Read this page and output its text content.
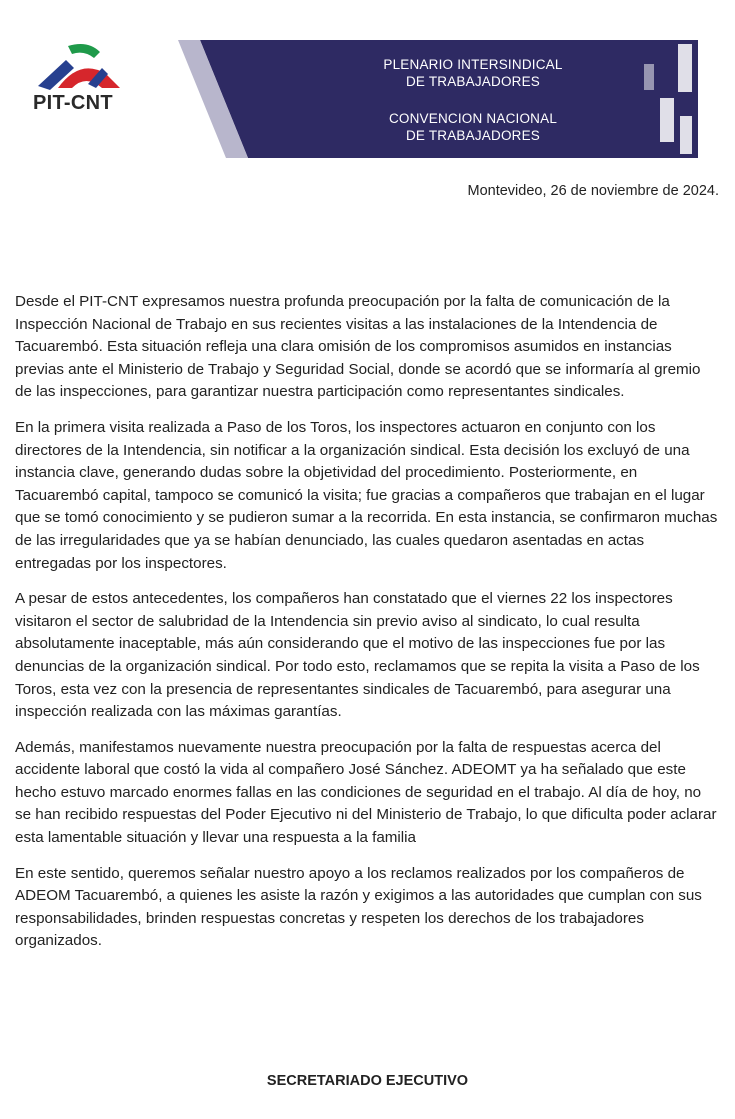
PIT-CNT
PLENARIO INTERSINDICAL
DE TRABAJADORES
CONVENCION NACIONAL
DE TRABAJADORES
Montevideo, 26 de noviembre de 2024.

Desde el PIT-CNT expresamos nuestra profunda preocupación por la falta de comunicación de la Inspección Nacional de Trabajo en sus recientes visitas a las instalaciones de la Intendencia de Tacuarembó. Esta situación refleja una clara omisión de los compromisos asumidos en instancias previas ante el Ministerio de Trabajo y Seguridad Social, donde se acordó que se informaría al gremio de las inspecciones, para garantizar nuestra participación como representantes sindicales.

En la primera visita realizada a Paso de los Toros, los inspectores actuaron en conjunto con los directores de la Intendencia, sin notificar a la organización sindical. Esta decisión los excluyó de una instancia clave, generando dudas sobre la objetividad del procedimiento. Posteriormente, en Tacuarembó capital, tampoco se comunicó la visita; fue gracias a compañeros que trabajan en el lugar que se tomó conocimiento y se pudieron sumar a la recorrida. En esta instancia, se confirmaron muchas de las irregularidades que ya se habían denunciado, las cuales quedaron asentadas en actas entregadas por los inspectores.

A pesar de estos antecedentes, los compañeros han constatado que el viernes 22 los inspectores visitaron el sector de salubridad de la Intendencia sin previo aviso al sindicato, lo cual resulta absolutamente inaceptable, más aún considerando que el motivo de las inspecciones fue por las denuncias de la organización sindical. Por todo esto, reclamamos que se repita la visita a Paso de los Toros, esta vez con la presencia de representantes sindicales de Tacuarembó, para asegurar una inspección realizada con las máximas garantías.

Además, manifestamos nuevamente nuestra preocupación por la falta de respuestas acerca del accidente laboral que costó la vida al compañero José Sánchez. ADEOMT ya ha señalado que este hecho estuvo marcado enormes fallas en las condiciones de seguridad en el trabajo. Al día de hoy, no se han recibido respuestas del Poder Ejecutivo ni del Ministerio de Trabajo, lo que dificulta poder aclarar esta lamentable situación y llevar una respuesta a la familia

En este sentido, queremos señalar nuestro apoyo a los reclamos realizados por los compañeros de ADEOM Tacuarembó, a quienes les asiste la razón y exigimos a las autoridades que cumplan con sus responsabilidades, brinden respuestas concretas y respeten los derechos de los trabajadores organizados.

SECRETARIADO EJECUTIVO
